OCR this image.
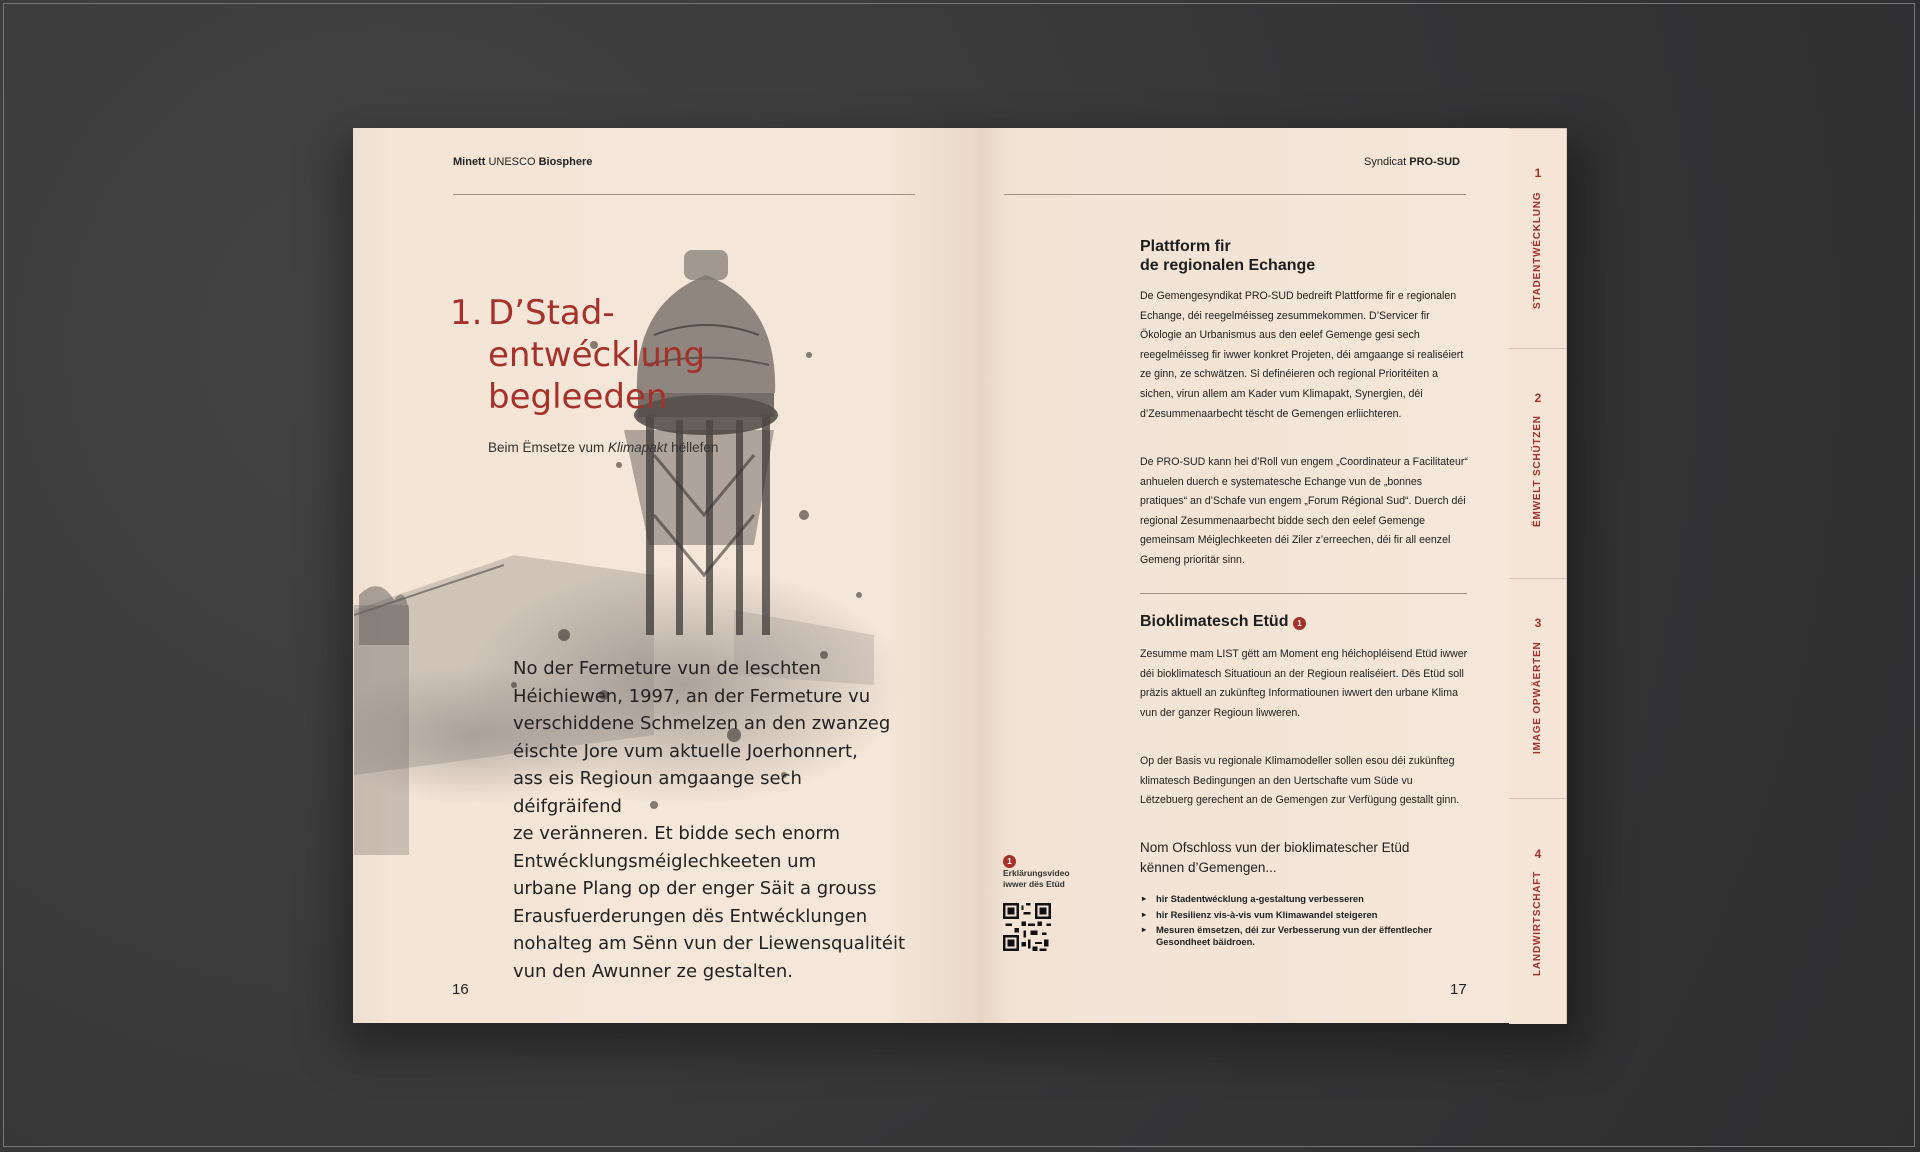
Minett UNESCO Biosphere
1. D’Stad-
entwécklung
begleeden
Beim Ëmsetze vum Klimapakt hëllefen
No der Fermeture vun de leschten
Héichiewen, 1997, an der Fermeture vu
verschiddene Schmelzen an den zwanzeg
éischte Jore vum aktuelle Joerhonnert,
ass eis Regioun amgaange sech déifgräifend
ze veränneren. Et bidde sech enorm
Entwécklungsméiglechkeeten um
urbane Plang op der enger Säit a grouss
Erausfuerderungen dës Entwécklungen
nohalteg am Sënn vun der Liewensqualitéit
vun den Awunner ze gestalten.
16
Syndicat PRO-SUD
Plattform fir
de regionalen Echange
De Gemengesyndikat PRO-SUD bedreift Plattforme fir e regionalen Echange, déi reegelméisseg zesummekommen. D’Servicer fir Ökologie an Urbanismus aus den eelef Gemenge gesi sech reegelméisseg fir iwwer konkret Projeten, déi amgaange si realiséiert ze ginn, ze schwätzen. Si definéieren och regional Prioritéiten a sichen, virun allem am Kader vum Klimapakt, Synergien, déi d’Zesummenaarbecht tëscht de Gemengen erliichteren.
De PRO-SUD kann hei d’Roll vun engem „Coordinateur a Facilitateur“ anhuelen duerch e systematesche Echange vun de „bonnes pratiques“ an d’Schafe vun engem „Forum Régional Sud“. Duerch déi regional Zesummenaarbecht bidde sech den eelef Gemenge gemeinsam Méiglechkeeten déi Ziler z’erreechen, déi fir all eenzel Gemeng prioritär sinn.
Bioklimatesch Etüd 1
Zesumme mam LIST gëtt am Moment eng héichopléisend Etüd iwwer déi bioklimatesch Situatioun an der Regioun realiséiert. Dës Etüd soll präzis aktuell an zukünfteg Informatiounen iwwert den urbane Klima vun der ganzer Regioun liwweren.
Op der Basis vu regionale Klimamodeller sollen esou déi zukünfteg klimatesch Bedingungen an den Uertschafte vum Süde vu Lëtzebuerg gerechent an de Gemengen zur Verfügung gestallt ginn.
Nom Ofschloss vun der bioklimatescher Etüd
kënnen d’Gemengen...
▸ hir Stadentwécklung a-gestaltung verbesseren
▸ hir Resilienz vis-à-vis vum Klimawandel steigeren
▸ Mesuren ëmsetzen, déi zur Verbesserung vun der ëffentlecher Gesondheet bäidroen.
1
Erklärungsvideo
iwwer dës Etüd
17
1
STADENTWÉCKLUNG
2
ËMWELT SCHÜTZEN
3
IMAGE OPWÄERTEN
4
LANDWIRTSCHAFT
